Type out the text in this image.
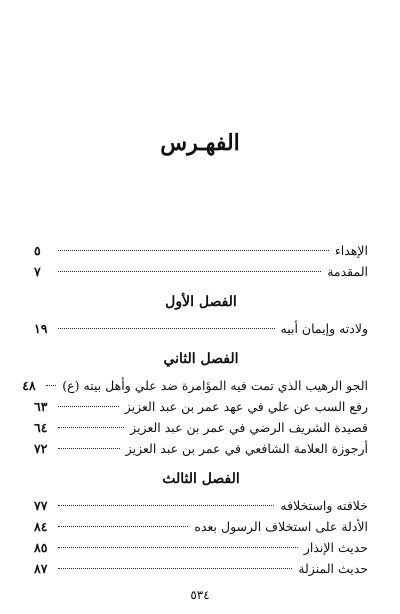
الفهـرس
الإهداء
٥
المقدمة
٧
الفصل الأول
ولادته وإيمان أبيه
١٩
الفصل الثاني
الجو الرهيب الذي تمت فيه المؤامرة ضد علي وأهل بيته (ع)
٤٨
رفع السب عن علي في عهد عمر بن عبد العزيز
٦٣
قصيدة الشريف الرضي في عمر بن عبد العزيز
٦٤
أرجوزة العلامة الشافعي في عمر بن عبد العزيز
٧٢
الفصل الثالث
خلافته واستخلافه
٧٧
الأدلة على استخلاف الرسول بعده
٨٤
حديث الإنذار
٨٥
حديث المنزلة
٨٧
٥٣٤
